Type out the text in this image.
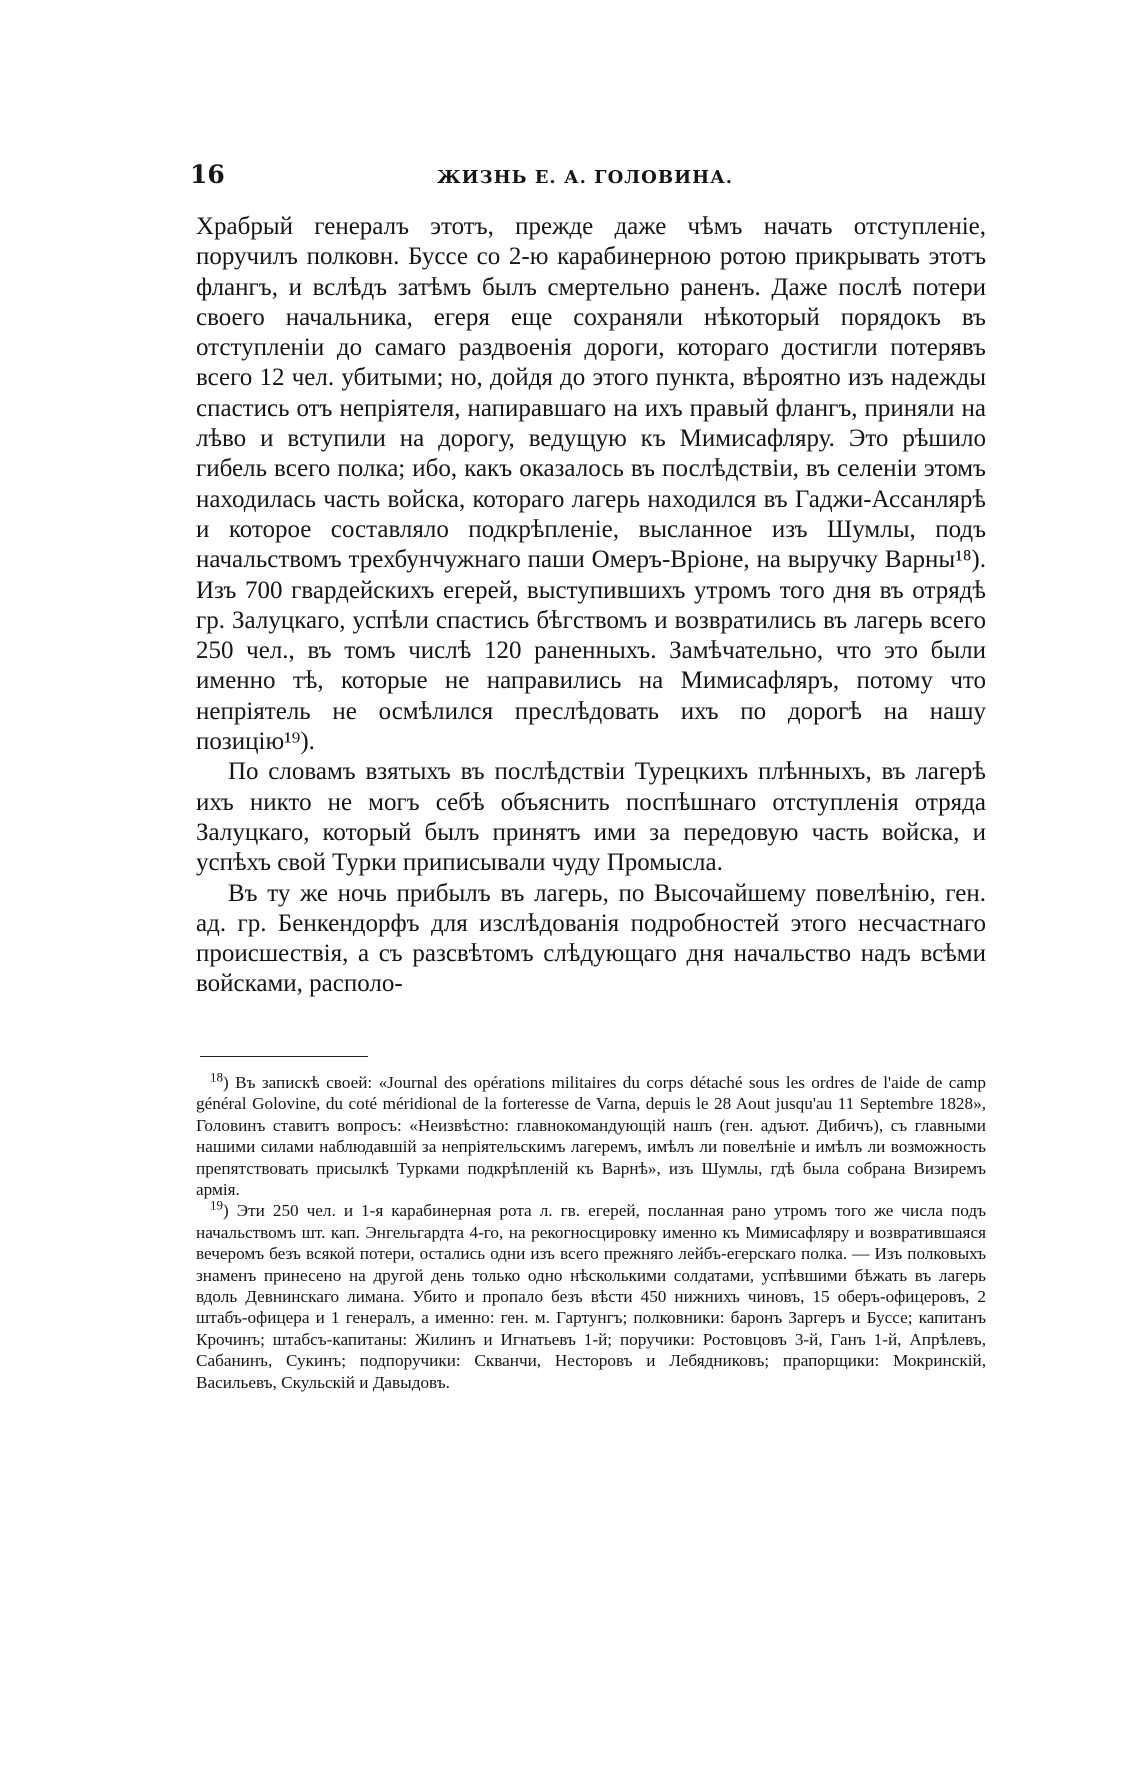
16	ЖИЗНЬ Е. А. ГОЛОВИНА.

Храбрый генералъ этотъ, прежде даже чѣмъ начать отступленіе, поручилъ полковн. Буссе со 2-ю карабинерною ротою прикрывать этотъ флангъ, и вслѣдъ затѣмъ былъ смертельно раненъ. Даже послѣ потери своего начальника, егеря еще сохраняли нѣкоторый порядокъ въ отступленіи до самаго раздвоенія дороги, котораго достигли потерявъ всего 12 чел. убитыми; но, дойдя до этого пункта, вѣроятно изъ надежды спастись отъ непріятеля, напиравшаго на ихъ правый флангъ, приняли на лѣво и вступили на дорогу, ведущую къ Мимисафляру. Это рѣшило гибель всего полка; ибо, какъ оказалось въ послѣдствіи, въ селеніи этомъ находилась часть войска, котораго лагерь находился въ Гаджи-Ассанлярѣ и которое составляло подкрѣпленіе, высланное изъ Шумлы, подъ начальствомъ трехбунчужнаго паши Омеръ-Вріоне, на выручку Варны¹⁸). Изъ 700 гвардейскихъ егерей, выступившихъ утромъ того дня въ отрядѣ гр. Залуцкаго, успѣли спастись бѣгствомъ и возвратились въ лагерь всего 250 чел., въ томъ числѣ 120 раненныхъ. Замѣчательно, что это были именно тѣ, которые не направились на Мимисафляръ, потому что непріятель не осмѣлился преслѣдовать ихъ по дорогѣ на нашу позицію¹⁹).

По словамъ взятыхъ въ послѣдствіи Турецкихъ плѣнныхъ, въ лагерѣ ихъ никто не могъ себѣ объяснить поспѣшнаго отступленія отряда Залуцкаго, который былъ принятъ ими за передовую часть войска, и успѣхъ свой Турки приписывали чуду Промысла.

Въ ту же ночь прибылъ въ лагерь, по Высочайшему повелѣнію, ген. ад. гр. Бенкендорфъ для изслѣдованія подробностей этого несчастнаго происшествія, а съ разсвѣтомъ слѣдующаго дня начальство надъ всѣми войсками, располо-

$^{18}$) Въ запискѣ своей: «Journal des opérations militaires du corps détaché sous les ordres de l'aide de camp général Golovine, du coté méridional de la forteresse de Varna, depuis le 28 Aout jusqu'au 11 Septembre 1828», Головинъ ставитъ вопросъ: «Неизвѣстно: главнокомандующій нашъ (ген. адъют. Дибичъ), съ главными нашими силами наблюдавшій за непріятельскимъ лагеремъ, имѣлъ ли повелѣніе и имѣлъ ли возможность препятствовать присылкѣ Турками подкрѣпленій къ Варнѣ», изъ Шумлы, гдѣ была собрана Визиремъ армія.

$^{19}$) Эти 250 чел. и 1-я карабинерная рота л. гв. егерей, посланная рано утромъ того же числа подъ начальствомъ шт. кап. Энгельгардта 4-го, на рекогносцировку именно къ Мимисафляру и возвратившаяся вечеромъ безъ всякой потери, остались одни изъ всего прежняго лейбъ-егерскаго полка. — Изъ полковыхъ знаменъ принесено на другой день только одно нѣсколькими солдатами, успѣвшими бѣжать въ лагерь вдоль Девнинскаго лимана. Убито и пропало безъ вѣсти 450 нижнихъ чиновъ, 15 оберъ-офицеровъ, 2 штабъ-офицера и 1 генералъ, а именно: ген. м. Гартунгъ; полковники: баронъ Заргеръ и Буссе; капитанъ Крочинъ; штабсъ-капитаны: Жилинъ и Игнатьевъ 1-й; поручики: Ростовцовъ 3-й, Ганъ 1-й, Апрѣлевъ, Сабанинъ, Сукинъ; подпоручики: Скванчи, Несторовъ и Лебядниковъ; прапорщики: Мокринскій, Васильевъ, Скульскій и Давыдовъ.
